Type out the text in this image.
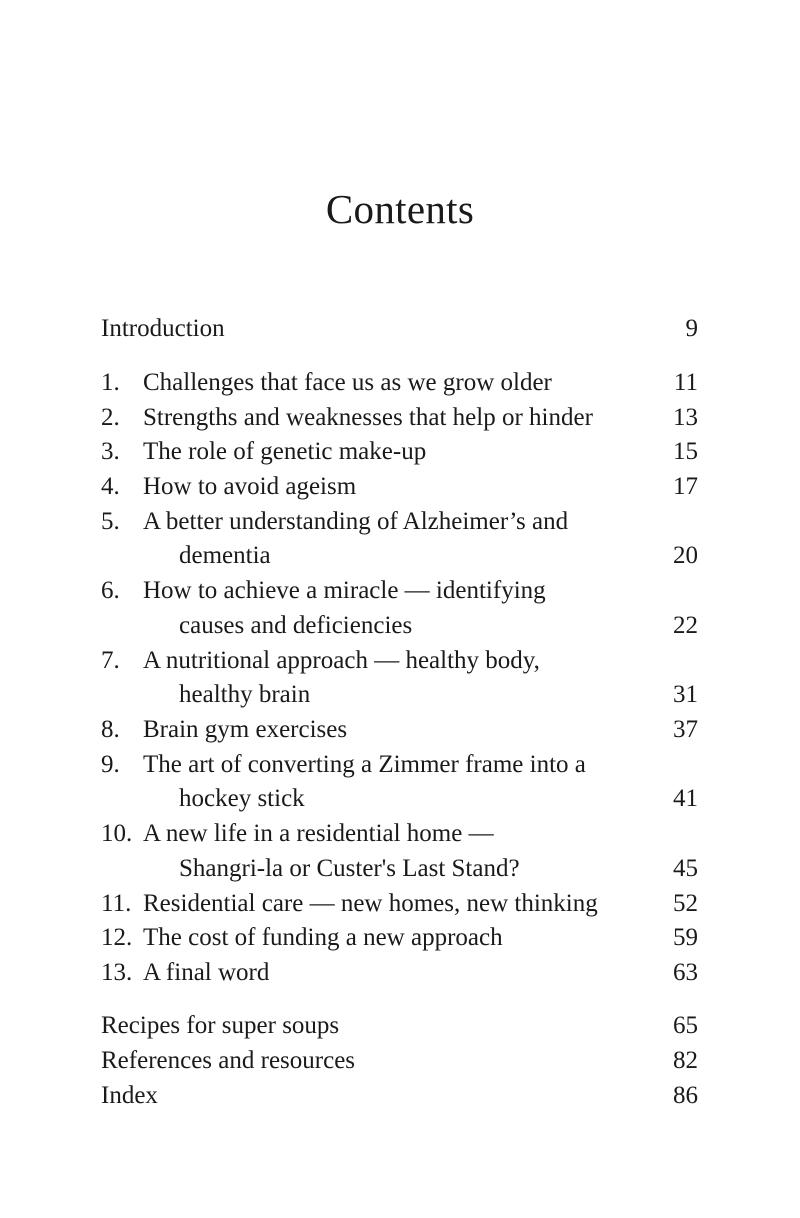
Contents
Introduction	9
1. Challenges that face us as we grow older	11
2. Strengths and weaknesses that help or hinder	13
3. The role of genetic make-up	15
4. How to avoid ageism	17
5. A better understanding of Alzheimer’s and
dementia	20
6. How to achieve a miracle — identifying
causes and deficiencies	22
7. A nutritional approach — healthy body,
healthy brain	31
8. Brain gym exercises	37
9. The art of converting a Zimmer frame into a
hockey stick	41
10. A new life in a residential home —
Shangri-la or Custer's Last Stand?	45
11. Residential care — new homes, new thinking	52
12. The cost of funding a new approach	59
13. A final word	63
Recipes for super soups	65
References and resources	82
Index	86
